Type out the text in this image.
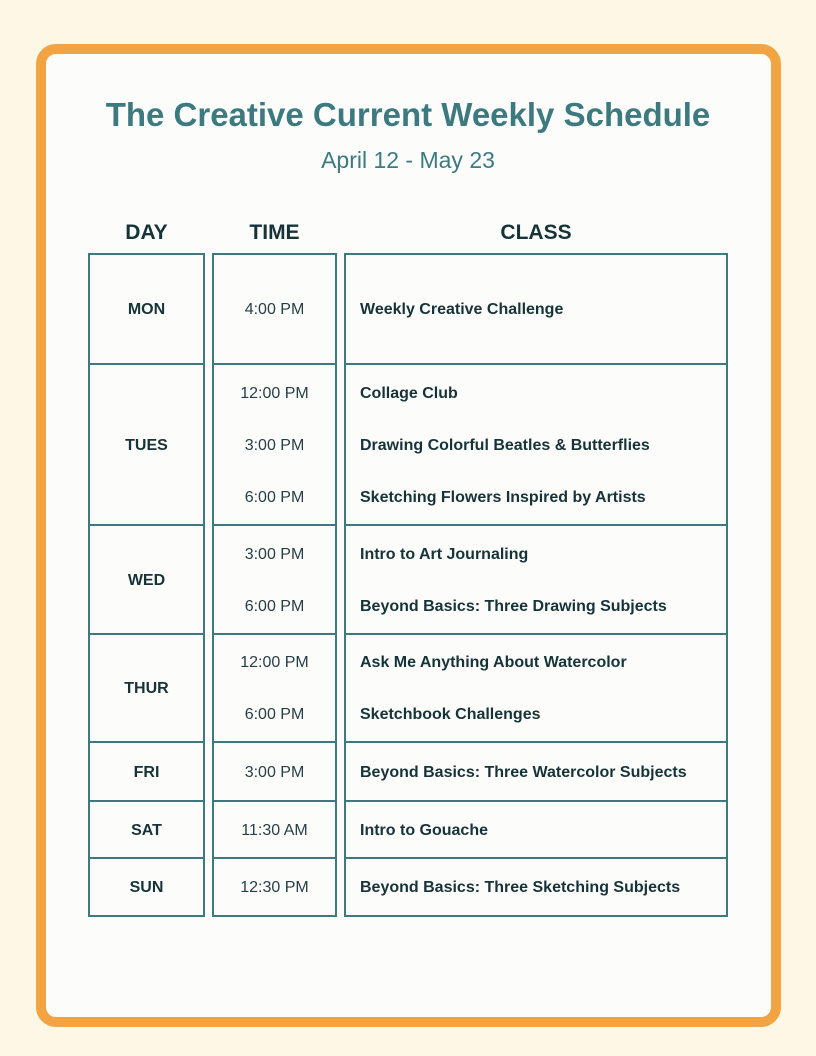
The Creative Current Weekly Schedule
April 12 - May 23
DAY	TIME	CLASS
MON
TUES
WED
THUR
FRI
SAT
SUN
4:00 PM
12:00 PM
3:00 PM
6:00 PM
3:00 PM
6:00 PM
12:00 PM
6:00 PM
3:00 PM
11:30 AM
12:30 PM
Weekly Creative Challenge
Collage Club
Drawing Colorful Beatles & Butterflies
Sketching Flowers Inspired by Artists
Intro to Art Journaling
Beyond Basics: Three Drawing Subjects
Ask Me Anything About Watercolor
Sketchbook Challenges
Beyond Basics: Three Watercolor Subjects
Intro to Gouache
Beyond Basics: Three Sketching Subjects
